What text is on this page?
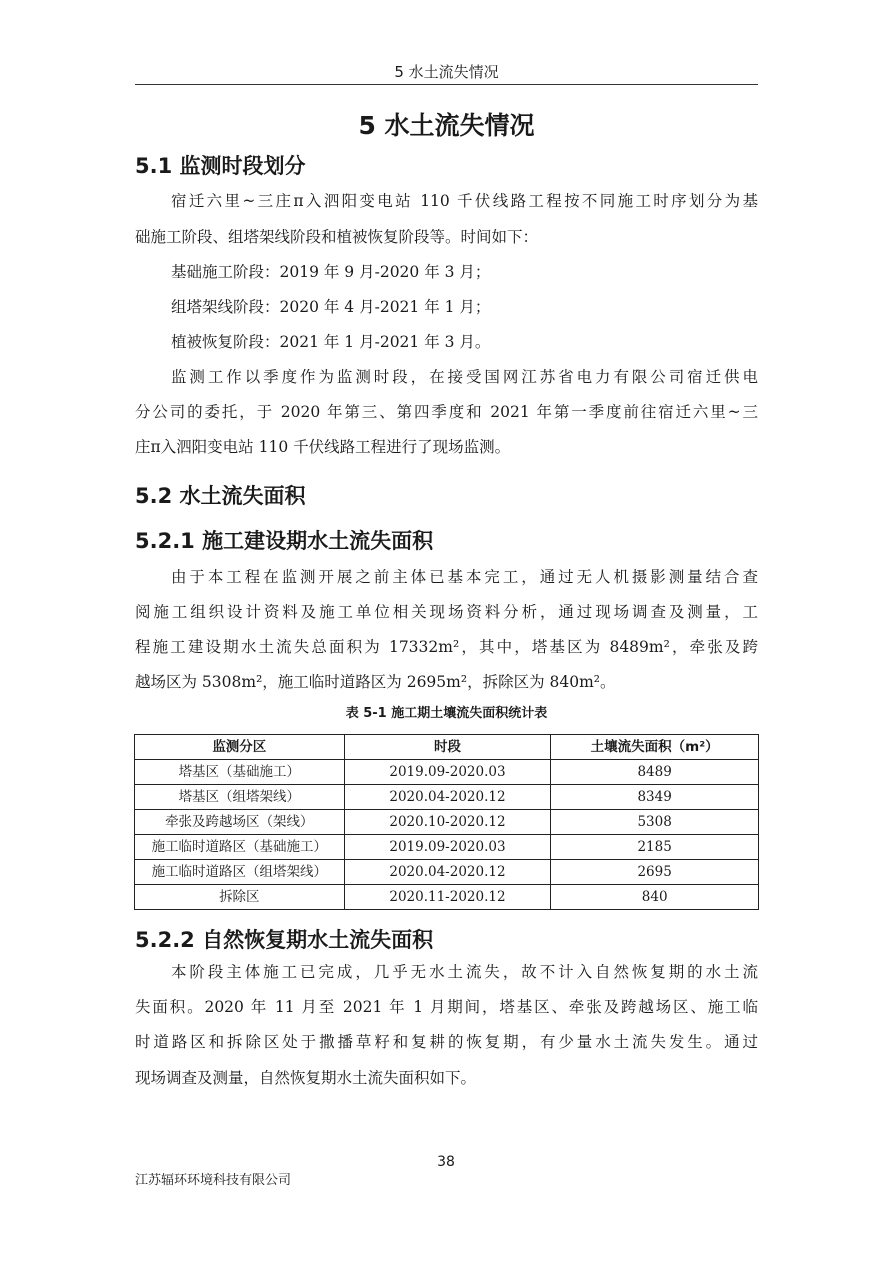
5 水土流失情况
5 水土流失情况
5.1 监测时段划分
宿迁六里~三庄π入泗阳变电站 110 千伏线路工程按不同施工时序划分为基
础施工阶段、组塔架线阶段和植被恢复阶段等。时间如下：
基础施工阶段：2019 年 9 月-2020 年 3 月；
组塔架线阶段：2020 年 4 月-2021 年 1 月；
植被恢复阶段：2021 年 1 月-2021 年 3 月。
监测工作以季度作为监测时段，在接受国网江苏省电力有限公司宿迁供电
分公司的委托，于 2020 年第三、第四季度和 2021 年第一季度前往宿迁六里~三
庄π入泗阳变电站 110 千伏线路工程进行了现场监测。
5.2 水土流失面积
5.2.1 施工建设期水土流失面积
由于本工程在监测开展之前主体已基本完工，通过无人机摄影测量结合查
阅施工组织设计资料及施工单位相关现场资料分析，通过现场调查及测量，工
程施工建设期水土流失总面积为 17332m²，其中，塔基区为 8489m²，牵张及跨
越场区为 5308m²，施工临时道路区为 2695m²，拆除区为 840m²。
表 5-1 施工期土壤流失面积统计表
监测分区	时段	土壤流失面积（m²）
塔基区（基础施工）	2019.09-2020.03	8489
塔基区（组塔架线）	2020.04-2020.12	8349
牵张及跨越场区（架线）	2020.10-2020.12	5308
施工临时道路区（基础施工）	2019.09-2020.03	2185
施工临时道路区（组塔架线）	2020.04-2020.12	2695
拆除区	2020.11-2020.12	840
5.2.2 自然恢复期水土流失面积
本阶段主体施工已完成，几乎无水土流失，故不计入自然恢复期的水土流
失面积。2020 年 11 月至 2021 年 1 月期间，塔基区、牵张及跨越场区、施工临
时道路区和拆除区处于撒播草籽和复耕的恢复期，有少量水土流失发生。通过
现场调查及测量，自然恢复期水土流失面积如下。
38
江苏辐环环境科技有限公司
